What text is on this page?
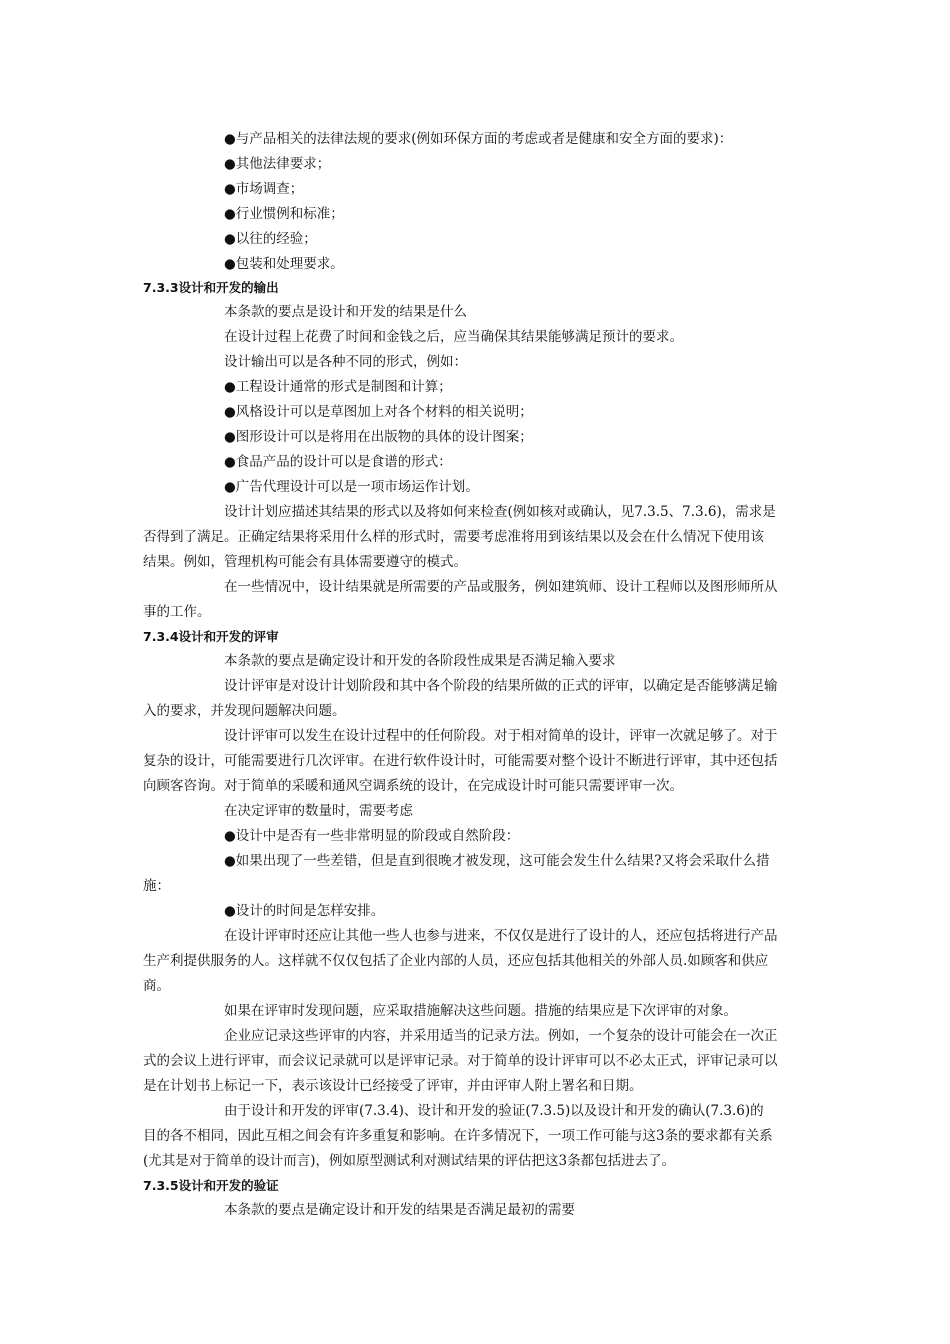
●与产品相关的法律法规的要求(例如环保方面的考虑或者是健康和安全方面的要求)：
●其他法律要求；
●市场调查；
●行业惯例和标准；
●以往的经验；
●包装和处理要求。
7.3.3设计和开发的输出
本条款的要点是设计和开发的结果是什么
在设计过程上花费了时间和金钱之后，应当确保其结果能够满足预计的要求。
设计输出可以是各种不同的形式，例如：
●工程设计通常的形式是制图和计算；
●风格设计可以是草图加上对各个材料的相关说明；
●图形设计可以是将用在出版物的具体的设计图案；
●食品产品的设计可以是食谱的形式：
●广告代理设计可以是一项市场运作计划。
设计计划应描述其结果的形式以及将如何来检查(例如核对或确认，见7.3.5、7.3.6)，需求是
否得到了满足。正确定结果将采用什么样的形式时，需要考虑准将用到该结果以及会在什么情况下使用该
结果。例如，管理机构可能会有具体需要遵守的模式。
在一些情况中，设计结果就是所需要的产品或服务，例如建筑师、设计工程师以及图形师所从
事的工作。
7.3.4设计和开发的评审
本条款的要点是确定设计和开发的各阶段性成果是否满足输入要求
设计评审是对设计计划阶段和其中各个阶段的结果所做的正式的评审，以确定是否能够满足输
入的要求，并发现问题解决问题。
设计评审可以发生在设计过程中的任何阶段。对于相对简单的设计，评审一次就足够了。对于
复杂的设计，可能需要进行几次评审。在进行软件设计时，可能需要对整个设计不断进行评审，其中还包括
向顾客咨询。对于简单的采暖和通风空调系统的设计，在完成设计时可能只需要评审一次。
在决定评审的数量时，需要考虑
●设计中是否有一些非常明显的阶段或自然阶段：
●如果出现了一些差错，但是直到很晚才被发现，这可能会发生什么结果?又将会采取什么措
施：
●设计的时间是怎样安排。
在设计评审时还应让其他一些人也参与进来，不仅仅是进行了设计的人，还应包括将进行产品
生产利提供服务的人。这样就不仅仅包括了企业内部的人员，还应包括其他相关的外部人员.如顾客和供应
商。
如果在评审时发现问题，应采取措施解决这些问题。措施的结果应是下次评审的对象。
企业应记录这些评审的内容，并采用适当的记录方法。例如，一个复杂的设计可能会在一次正
式的会议上进行评审，而会议记录就可以是评审记录。对于简单的设计评审可以不必太正式，评审记录可以
是在计划书上标记一下，表示该设计已经接受了评审，并由评审人附上署名和日期。
由于设计和开发的评审(7.3.4)、设计和开发的验证(7.3.5)以及设计和开发的确认(7.3.6)的
目的各不相同，因此互相之间会有许多重复和影响。在许多情况下，一项工作可能与这3条的要求都有关系
(尤其是对于简单的设计而言)，例如原型测试利对测试结果的评估把这3条都包括进去了。
7.3.5设计和开发的验证
本条款的要点是确定设计和开发的结果是否满足最初的需要
